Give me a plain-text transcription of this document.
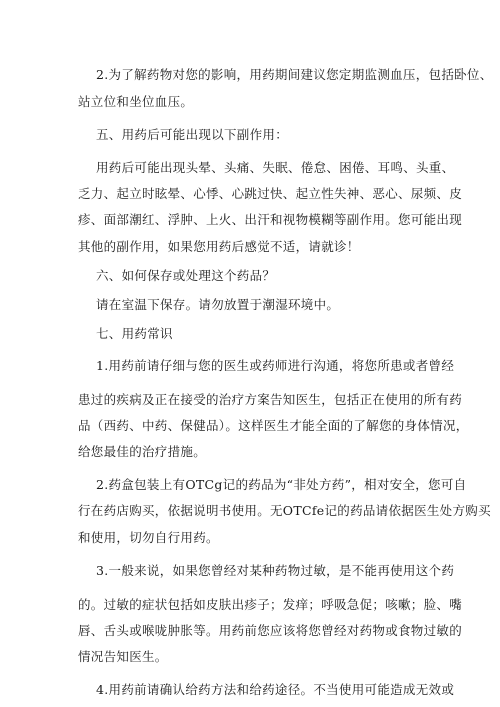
2.为了解药物对您的影响，用药期间建议您定期监测血压，包括卧位、
站立位和坐位血压。
五、用药后可能出现以下副作用：
用药后可能出现头晕、头痛、失眠、倦怠、困倦、耳鸣、头重、
乏力、起立时眩晕、心悸、心跳过快、起立性失神、恶心、尿频、皮
疹、面部潮红、浮肿、上火、出汗和视物模糊等副作用。您可能出现
其他的副作用，如果您用药后感觉不适，请就诊！
六、如何保存或处理这个药品？
请在室温下保存。请勿放置于潮湿环境中。
七、用药常识
1.用药前请仔细与您的医生或药师进行沟通，将您所患或者曾经
患过的疾病及正在接受的治疗方案告知医生，包括正在使用的所有药
品（西药、中药、保健品）。这样医生才能全面的了解您的身体情况，
给您最佳的治疗措施。
2.药盒包装上有OTCg记的药品为“非处方药”，相对安全，您可自
行在药店购买，依据说明书使用。无OTCfe记的药品请依据医生处方购买
和使用，切勿自行用药。
3.一般来说，如果您曾经对某种药物过敏，是不能再使用这个药
的。过敏的症状包括如皮肤出疹子；发痒；呼吸急促；咳嗽；脸、嘴
唇、舌头或喉咙肿胀等。用药前您应该将您曾经对药物或食物过敏的
情况告知医生。
4.用药前请确认给药方法和给药途径。不当使用可能造成无效或
